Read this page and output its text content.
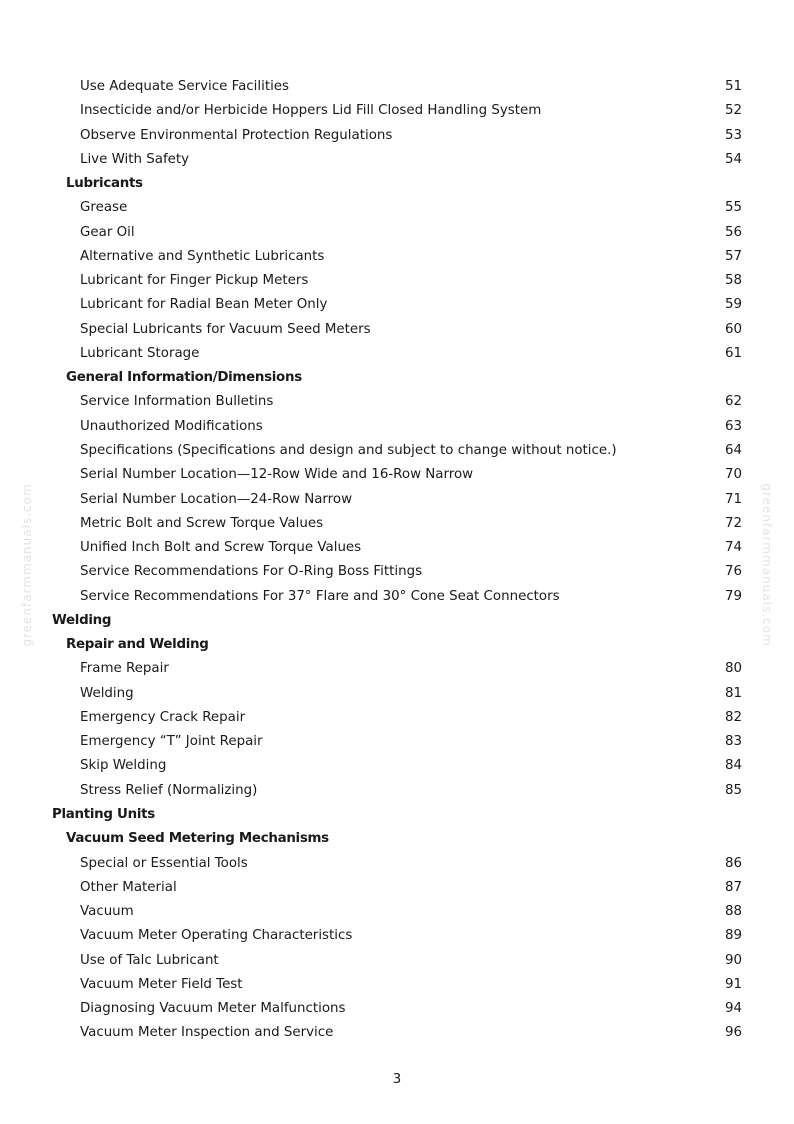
greenfarmmanuals.com	greenfarmmanuals.com
Use Adequate Service Facilities	51
Insecticide and/or Herbicide Hoppers Lid Fill Closed Handling System	52
Observe Environmental Protection Regulations	53
Live With Safety	54
Lubricants
Grease	55
Gear Oil	56
Alternative and Synthetic Lubricants	57
Lubricant for Finger Pickup Meters	58
Lubricant for Radial Bean Meter Only	59
Special Lubricants for Vacuum Seed Meters	60
Lubricant Storage	61
General Information/Dimensions
Service Information Bulletins	62
Unauthorized Modifications	63
Specifications (Specifications and design and subject to change without notice.)	64
Serial Number Location—12-Row Wide and 16-Row Narrow	70
Serial Number Location—24-Row Narrow	71
Metric Bolt and Screw Torque Values	72
Unified Inch Bolt and Screw Torque Values	74
Service Recommendations For O-Ring Boss Fittings	76
Service Recommendations For 37° Flare and 30° Cone Seat Connectors	79
Welding
Repair and Welding
Frame Repair	80
Welding	81
Emergency Crack Repair	82
Emergency “T” Joint Repair	83
Skip Welding	84
Stress Relief (Normalizing)	85
Planting Units
Vacuum Seed Metering Mechanisms
Special or Essential Tools	86
Other Material	87
Vacuum	88
Vacuum Meter Operating Characteristics	89
Use of Talc Lubricant	90
Vacuum Meter Field Test	91
Diagnosing Vacuum Meter Malfunctions	94
Vacuum Meter Inspection and Service	96
3
